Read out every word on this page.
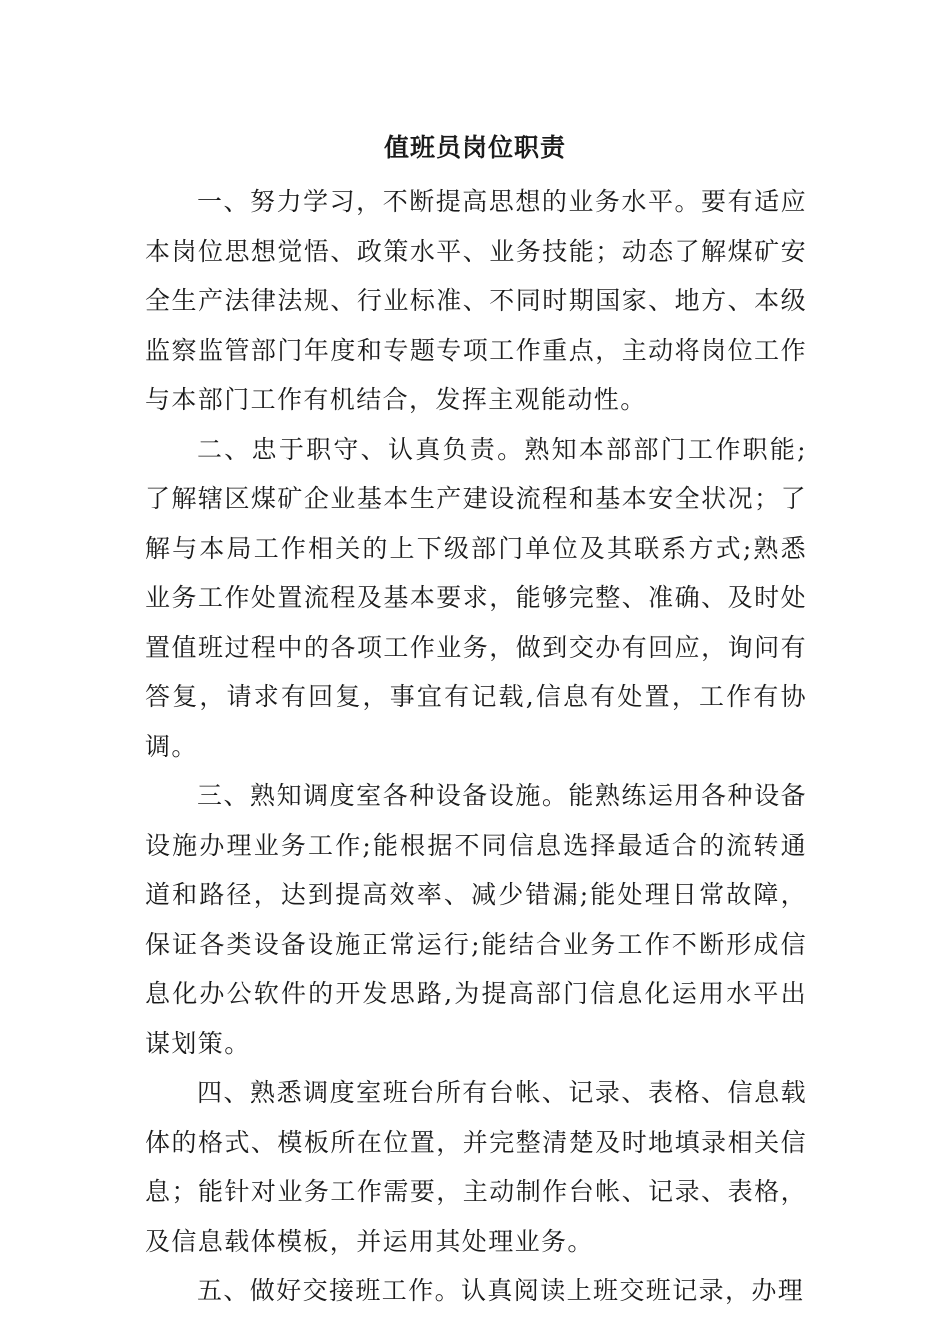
值班员岗位职责

一、努力学习，不断提高思想的业务水平。要有适应本岗位思想觉悟、政策水平、业务技能；动态了解煤矿安全生产法律法规、行业标准、不同时期国家、地方、本级监察监管部门年度和专题专项工作重点，主动将岗位工作与本部门工作有机结合，发挥主观能动性。

二、忠于职守、认真负责。熟知本部部门工作职能;了解辖区煤矿企业基本生产建设流程和基本安全状况；了解与本局工作相关的上下级部门单位及其联系方式;熟悉业务工作处置流程及基本要求，能够完整、准确、及时处置值班过程中的各项工作业务，做到交办有回应，询问有答复，请求有回复，事宜有记载,信息有处置，工作有协调。

三、熟知调度室各种设备设施。能熟练运用各种设备设施办理业务工作;能根据不同信息选择最适合的流转通道和路径，达到提高效率、减少错漏;能处理日常故障，保证各类设备设施正常运行;能结合业务工作不断形成信息化办公软件的开发思路,为提高部门信息化运用水平出谋划策。

四、熟悉调度室班台所有台帐、记录、表格、信息载体的格式、模板所在位置，并完整清楚及时地填录相关信息；能针对业务工作需要，主动制作台帐、记录、表格，及信息载体模板，并运用其处理业务。

五、做好交接班工作。认真阅读上班交班记录，办理
